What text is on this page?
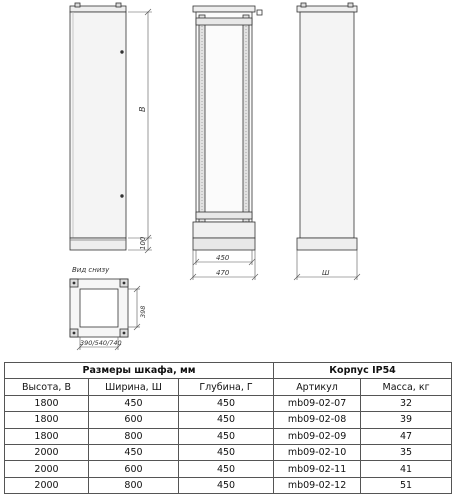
B
100
450
470	Ш
Вид снизу
398
390/540/740
Размеры шкафа, мм			Корпус IP54	
Высота, В	Ширина, Ш	Глубина, Г	Артикул	Масса, кг
1800	450	450	mb09-02-07	32
1800	600	450	mb09-02-08	39
1800	800	450	mb09-02-09	47
2000	450	450	mb09-02-10	35
2000	600	450	mb09-02-11	41
2000	800	450	mb09-02-12	51
